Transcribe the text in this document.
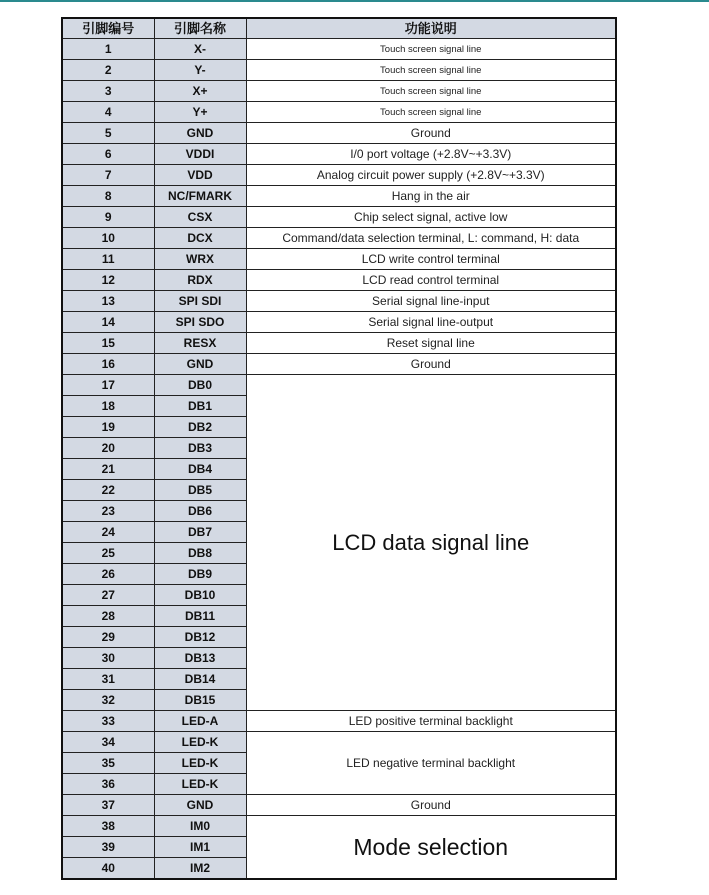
引脚编号	引脚名称	功能说明
1	X-	Touch screen signal line
2	Y-	Touch screen signal line
3	X+	Touch screen signal line
4	Y+	Touch screen signal line
5	GND	Ground
6	VDDI	I/0 port voltage (+2.8V~+3.3V)
7	VDD	Analog circuit power supply (+2.8V~+3.3V)
8	NC/FMARK	Hang in the air
9	CSX	Chip select signal, active low
10	DCX	Command/data selection terminal, L: command, H: data
11	WRX	LCD write control terminal
12	RDX	LCD read control terminal
13	SPI SDI	Serial signal line-input
14	SPI SDO	Serial signal line-output
15	RESX	Reset signal line
16	GND	Ground
17	DB0	LCD data signal line
18	DB1	
19	DB2	
20	DB3	
21	DB4	
22	DB5	
23	DB6	
24	DB7	
25	DB8	
26	DB9	
27	DB10	
28	DB11	
29	DB12	
30	DB13	
31	DB14	
32	DB15	
33	LED-A	LED positive terminal backlight
34	LED-K	LED negative terminal backlight
35	LED-K	
36	LED-K	
37	GND	Ground
38	IM0	Mode selection
39	IM1	
40	IM2	
